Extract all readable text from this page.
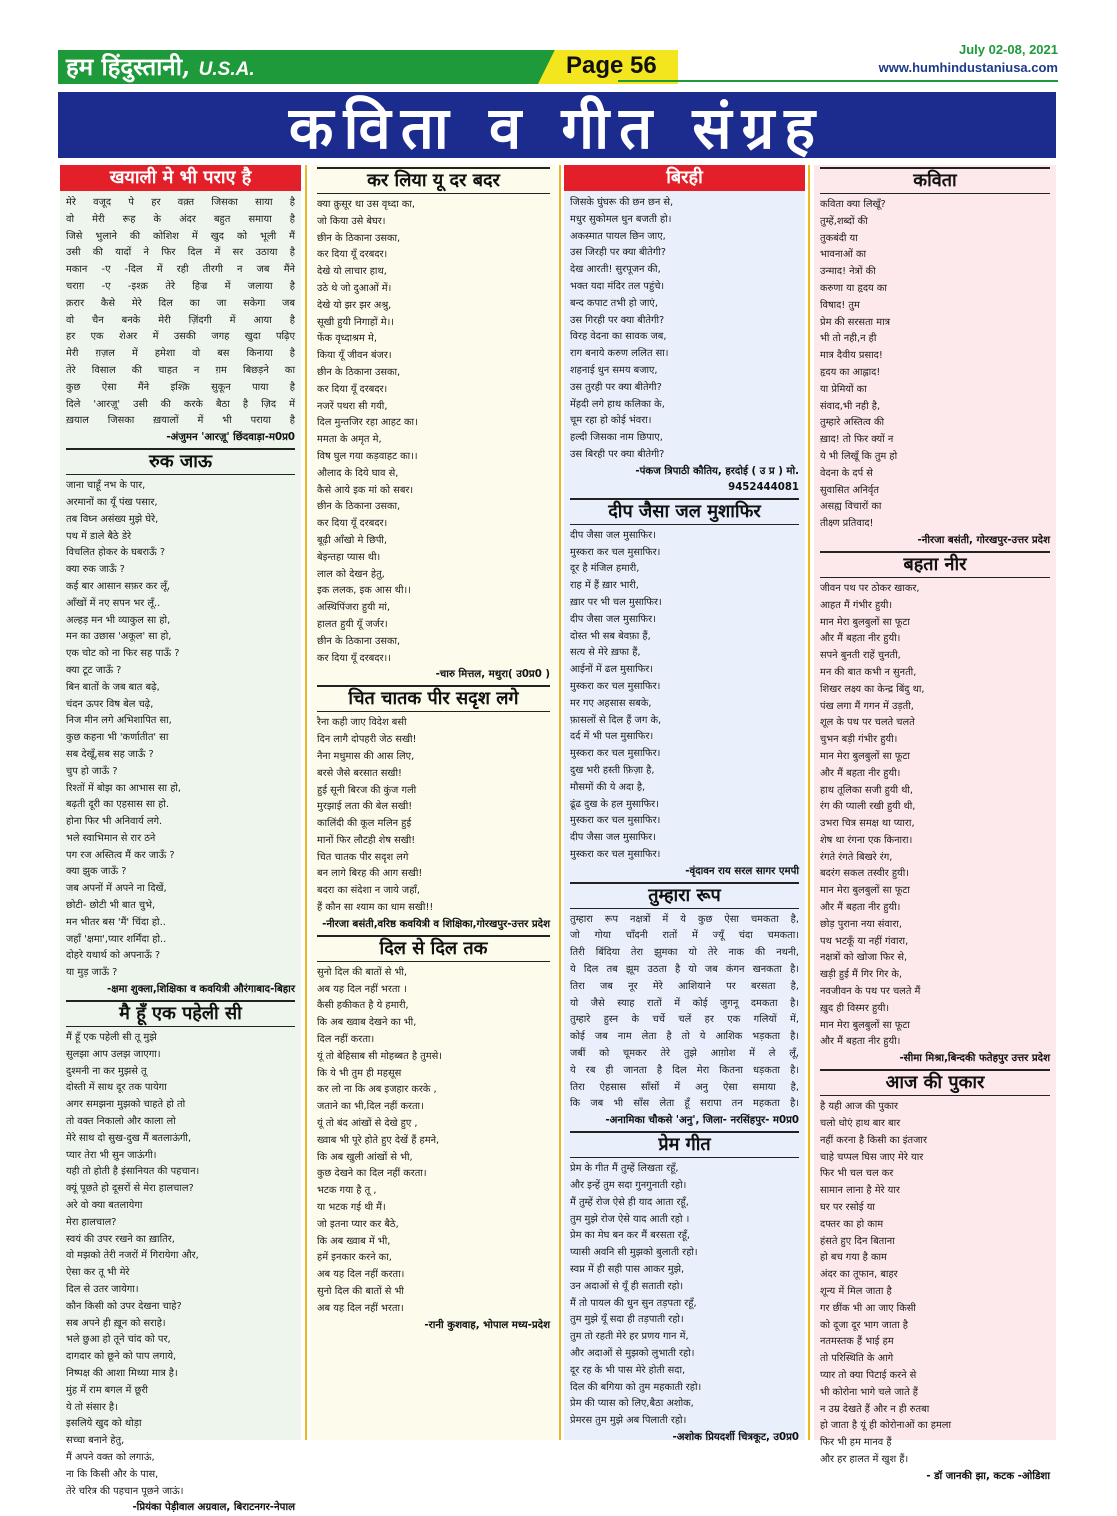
हम हिंदुस्तानी, U.S.A.	Page 56
July 02-08, 2021
www.humhindustaniusa.com
कविता व गीत संग्रह
खयाली मे भी पराए है
मेरे वजूद पे हर वक़्त जिसका साया है
वो मेरी रूह के अंदर बहुत समाया है
जिसे भुलाने की कोशिश में खुद को भूली मैं
उसी की यादों ने फिर दिल में सर उठाया है
मकान -ए -दिल में रही तीरगी न जब मैंने
चराग़ -ए -इश्क़ तेरे हिज्र में जलाया है
क़रार कैसे मेरे दिल का जा सकेगा जब
वो चैन बनके मेरी ज़िंदगी में आया है
हर एक शेअर में उसकी जगह खुदा पढ़िए
मेरी ग़ज़ल में हमेशा वो बस किनाया है
तेरे विसाल की चाहत न ग़म बिछड़ने का
कुछ ऐसा मैंने इश्क़ि सुकून पाया है
दिले 'आरज़ू' उसी की करके बैठा है ज़िद में
ख़याल जिसका ख़यालों में भी पराया है
-अंजुमन 'आरज़ू' छिंदवाड़ा-म0प्र0
रुक जाऊ
जाना चाहूँ नभ के पार,
अरमानों का यूँ पंख पसार,
तब विघ्न असंख्य मुझे घेरे,
पथ में डाले बैठे डेरे
विचलित होकर के घबराऊँ ?
क्या रुक जाऊँ ?
कई बार आसान सफ़र कर लूँ,
आँखों में नए सपन भर लूँ..
अल्हड़ मन भी व्याकुल सा हो,
मन का उछास 'अकूल' सा हो,
एक चोट को ना फिर सह पाऊँ ?
क्या टूट जाऊँ ?
बिन बातों के जब बात बढ़े,
चंदन ऊपर विष बेल चढ़े,
निज मीन लगे अभिशापित सा,
कुछ कहना भी 'कर्णातीत' सा
सब देखूँ,सब सह जाऊँ ?
चुप हो जाऊँ ?
रिश्तों में बोझ का आभास सा हो,
बढ़ती दूरी का एहसास सा हो.
होना फिर भी अनिवार्य लगे.
भले स्वाभिमान से रार ठने
पग रज अस्तित्व मैं कर जाऊँ ?
क्या झुक जाऊँ ?
जब अपनों में अपने ना दिखें,
छोटी- छोटी भी बात चुभे,
मन भीतर बस 'मैं' चिंदा हो..
जहाँ 'क्षमा',प्यार शर्मिंदा हो..
दोहरे यथार्थ को अपनाऊँ ?
या मुड़ जाऊँ ?
-क्षमा शुक्ला,शिक्षिका व कवयित्री औरंगाबाद-बिहार
मै हूँ एक पहेली सी
मैं हूँ एक पहेली सी तू मुझे
सुलझा आप उलझ जाएगा।
दुश्मनी ना कर मुझसे तू
दोस्ती में साथ दूर तक पायेगा
अगर समझना मुझको चाहते हो तो
तो वक्त निकालो और काला लो
मेरे साथ दो सुख-दुख मैं बतलाऊंगी,
प्यार तेरा भी सुन जाऊंगी।
यही तो होती है इंसानियत की पहचान।
क्यूं पूछते हो दूसरों से मेरा हालचाल?
अरे वो क्या बतलायेगा
मेरा हालचाल?
स्वयं की उपर रखने का ख़ातिर,
वो मझको तेरी नजरों में गिरायेगा और,
ऐसा कर तू भी मेरे
दिल से उतर जायेगा।
कौन किसी को उपर देखना चाहे?
सब अपने ही ख़ून को सराहे।
भले छुआ हो तूने चांद को पर,
दागदार को छूने को पाप लगाये,
निष्पक्ष की आशा मिथ्या मात्र है।
मुंह में राम बगल में छूरी
ये तो संसार है।
इसलिये खुद को थोड़ा
सच्चा बनाने हेतु,
मैं अपने वक्त को लगाऊं,
ना कि किसी और के पास,
तेरे चरित्र की पहचान पूछने जाऊं।
-प्रियंका पेड़ीवाल अग्रवाल, बिराटनगर-नेपाल
कर लिया यू दर बदर
क्या क़ुसूर था उस वृध्दा का,
जो किया उसे बेघर।
छीन के ठिकाना उसका,
कर दिया यूँ दरबदर।
देखे यो लाचार हाथ,
उठे थे जो दुआओं में।
देखे यो झर झर अश्रु,
सूखी हुयी निगाहों मे।।
फेंक वृध्दाश्रम मे,
किया यूँ जीवन बंजर।
छीन के ठिकाना उसका,
कर दिया यूँ दरबदर।
नजरें पथरा सी गयी,
दिल मुन्तजिर रहा आहट का।
ममता के अमृत मे,
विष घुल गया कड़वाहट का।।
औलाद के दिये घाव से,
कैसे आये इक मां को सबर।
छीन के ठिकाना उसका,
कर दिया यूँ दरबदर।
बूढ़ी आँखो मे छिपी,
बेइन्तहा प्यास थी।
लाल को देखन हेतु,
इक ललक, इक आस थी।।
अस्थिपिंजरा हुयी मां,
हालत हुयी यूँ जर्जर।
छीन के ठिकाना उसका,
कर दिया यूँ दरबदर।।
-चारु मित्तल, मथुरा( उ0प्र0 )
चित चातक पीर सदृश लगे
रैना कही जाए विदेश बसी
दिन लागै दोपहरी जेठ सखी!
नैना मधुमास की आस लिए,
बरसे जैसे बरसात सखी!
हुई सूनी बिरज की कुंज गली
मुरझाई लता की बेल सखी!
कालिंदी की कूल मलिन हुई
मानों फिर लौटही शेष सखी!
चित चातक पीर सदृश लगे
बन लागे बिरह की आग सखी!
बदरा का संदेशा न जाये जहाँ,
हैं कौन सा श्याम का धाम सखी!!
-नीरजा बसंती,वरिष्ठ कवयित्री व शिक्षिका,गोरखपुर-उत्तर प्रदेश
दिल से दिल तक
सुनो दिल की बातों से भी,
अब यह दिल नहीं भरता ।
कैसी हकीकत है ये हमारी,
कि अब ख्वाब देखने का भी,
दिल नहीं करता।
यूं तो बेहिसाब सी मोहब्बत है तुमसे।
कि ये भी तुम ही महसूस
कर लो ना कि अब इजहार करके ,
जताने का भी,दिल नहीं करता।
यूं तो बंद आंखों से देखे हुए ,
ख्वाब भी पूरे होते हुए देखें हैं हमने,
कि अब खुली आंखों से भी,
कुछ देखने का दिल नहीं करता।
भटक गया है तू ,
या भटक गई थी मैं।
जो इतना प्यार कर बैठे,
कि अब ख्वाब में भी,
हमें इनकार करने का,
अब यह दिल नहीं करता।
सुनो दिल की बातों से भी
अब यह दिल नहीं भरता।
-रानी कुशवाह, भोपाल मध्य-प्रदेश
बिरही
जिसके घुंघरू की छन छन से,
मधुर सुकोमल धुन बजती हो।
अकस्मात पायल छिन जाए,
उस जिरही पर क्या बीतेगी?
देख आरती! सुरपूजन की,
भक्त यदा मंदिर तल पहुंचे।
बन्द कपाट तभी हो जाएं,
उस गिरही पर क्या बीतेगी?
विरह वेदना का सावक जब,
राग बनाये करुण ललित सा।
शहनाई धुन समय बजाए,
उस तुरही पर क्या बीतेगी?
मेंहदी लगे हाथ कलिका के,
चूम रहा हो कोई भंवरा।
हल्दी जिसका नाम छिपाए,
उस बिरही पर क्या बीतेगी?
-पंकज त्रिपाठी कौतिय, हरदोई ( उ प्र ) मो. 9452444081
दीप जैसा जल मुशाफिर
दीप जैसा जल मुसाफिर।
मुस्करा कर चल मुसाफिर।
दूर है मंजिल हमारी,
राह में हैं ख़ार भारी,
ख़ार पर भी चल मुसाफिर।
दीप जैसा जल मुसाफिर।
दोस्त भी सब बेवफ़ा हैं,
सत्य से मेरे ख़फा हैं,
आईनों में ढल मुसाफिर।
मुस्करा कर चल मुसाफिर।
मर गए अहसास सबके,
फ़ासलों से दिल हैं जग के,
दर्द में भी पल मुसाफिर।
मुस्करा कर चल मुसाफिर।
दुख भरी हस्ती फ़िज़ा है,
मौसमों की ये अदा है,
ढूंढ दुख के हल मुसाफिर।
मुस्करा कर चल मुसाफिर।
दीप जैसा जल मुसाफिर।
मुस्करा कर चल मुसाफिर।
-वृंदावन राय सरल सागर एमपी
तुम्हारा रूप
तुम्हारा रूप नक्षत्रों में ये कुछ ऐसा चमकता है,
जो गोया चाँदनी रातों में ज्यूँ चंदा चमकता।
तिरी बिंदिया तेरा झुमका यो तेरे नाक की नथनी,
ये दिल तब झूम उठता है यो जब कंगन खनकता है।
तिरा जब नूर मेरे आशियाने पर बरसता है,
यो जैसे स्याह रातों में कोई जुगनू दमकता है।
तुम्हारे हुस्न के चर्चे चलें हर एक गलियों में,
कोई जब नाम लेता है तो ये आशिक भड़कता है।
जबीं को चूमकर तेरे तुझे आग़ोश में ले लूँ,
ये रब ही जानता है दिल मेरा कितना धड़कता है।
तिरा ऐहसास साँसों में अनु ऐसा समाया है,
कि जब भी साँस लेता हूँ सरापा तन महकता है।
-अनामिका चौकसे 'अनु', जिला- नरसिंहपुर- म0प्र0
प्रेम गीत
प्रेम के गीत मैं तुम्हें लिखता रहूँ,
और इन्हें तुम सदा गुनगुनाती रहो।
मैं तुम्हें रोज ऐसे ही याद आता रहूँ,
तुम मुझे रोज ऐसे याद आती रहो ।
प्रेम का मेघ बन कर मैं बरसता रहूँ,
प्यासी अवनि सी मुझको बुलाती रहो।
स्वप्न में ही सही पास आकर मुझे,
उन अदाओं से यूँ ही सताती रहो।
मैं तो पायल की धुन सुन तड़पता रहूँ,
तुम मुझे यूँ सदा ही तड़पाती रहो।
तुम तो रहती मेरे हर प्रणय गान में,
और अदाओं से मुझको लुभाती रहो।
दूर रह के भी पास मेरे होती सदा,
दिल की बगिया को तुम महकाती रहो।
प्रेम की प्यास को लिए,बैठा अशोक,
प्रेमरस तुम मुझे अब पिलाती रहो।
-अशोक प्रियदर्शी चित्रकूट, उ0प्र0
कविता
कविता क्या लिखूँ?
तुम्हें,शब्दों की
तुकबंदी या
भावनाओं का
उन्माद! नेत्रों की
करुणा या हृदय का
विषाद! तुम
प्रेम की सरसता मात्र
भी तो नही,न ही
मात्र दैवीय प्रसाद!
हृदय का आह्लाद!
या प्रेमियों का
संवाद,भी नही है,
तुम्हारे अस्तित्व की
ख़ाद! तो फिर क्यों न
ये भी लिखूँ कि तुम हो
वेदना के दर्प से
सुवासित अनिर्वृत
असह्य विचारों का
तीक्ष्ण प्रतिवाद!
-नीरजा बसंती, गोरखपुर-उत्तर प्रदेश
बहता नीर
जीवन पथ पर ठोकर खाकर,
आहत मैं गंभीर हुयी।
मान मेरा बुलबुलों सा फूटा
और मैं बहता नीर हुयी।
सपने बुनती राहें चुनती,
मन की बात कभी न सुनती,
शिखर लक्ष्य का केन्द्र बिंदु था,
पंख लगा मैं गगन में उड़ती,
शूल के पथ पर चलते चलते
चुभन बड़ी गंभीर हुयी।
मान मेरा बुलबुलों सा फूटा
और मैं बहता नीर हुयी।
हाथ तूलिका सजी हुयी थी,
रंग की प्याली रखी हुयी थी,
उभरा चित्र समक्ष था प्यारा,
शेष था रंगना एक किनारा।
रंगते रंगते बिखरे रंग,
बदरंग सकल तस्वीर हुयी।
मान मेरा बुलबुलों सा फूटा
और मैं बहता नीर हुयी।
छोड़ पुराना नया संवारा,
पथ भटकूँ या नहीं गंवारा,
नक्षत्रों को खोजा फिर से,
खड़ी हुई मैं गिर गिर के,
नवजीवन के पथ पर चलते मैं
ख़ुद ही विस्मर हुयी।
मान मेरा बुलबुलों सा फूटा
और मैं बहता नीर हुयी।
-सीमा मिश्रा,बिन्दकी फतेहपुर उत्तर प्रदेश
आज की पुकार
है यही आज की पुकार
चलो धोएं हाथ बार बार
नहीं करना है किसी का इंतजार
चाहे चप्पल घिस जाए मेरे यार
फिर भी चल चल कर
सामान लाना है मेरे यार
घर पर रसोई या
दफ्तर का हो काम
हंसते हुए दिन बिताना
हो बच गया है काम
अंदर का तूफान, बाहर
शून्य में मिल जाता है
गर छींक भी आ जाए किसी
को दूजा दूर भाग जाता है
नतमस्तक हैं भाई हम
तो परिस्थिति के आगे
प्यार तो क्या पिटाई करने से
भी कोरोना भागे चले जाते हैं
न उम्र देखते हैं और न ही रुतबा
हो जाता है यूं ही कोरोनाओं का हमला
फिर भी हम मानव हैं
और हर हालत में खुश हैं।
- डॉ जानकी झा, कटक -ओडिशा
